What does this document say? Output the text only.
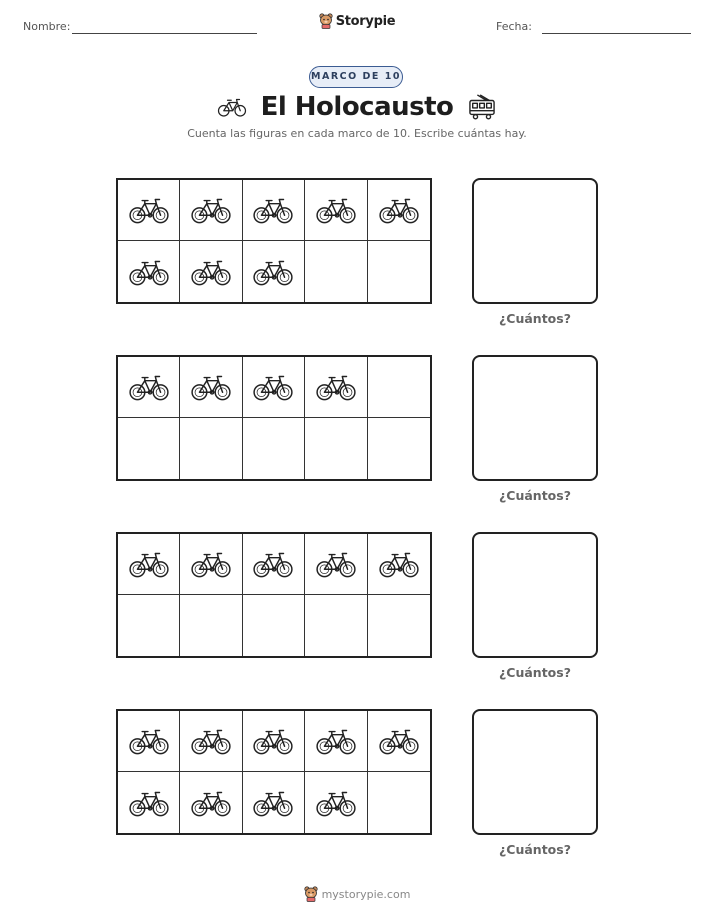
Nombre:	Storypie	Fecha:
MARCO DE 10
El Holocausto
Cuenta las figuras en cada marco de 10. Escribe cuántas hay.
¿Cuántos?
¿Cuántos?
¿Cuántos?
¿Cuántos?
mystorypie.com
